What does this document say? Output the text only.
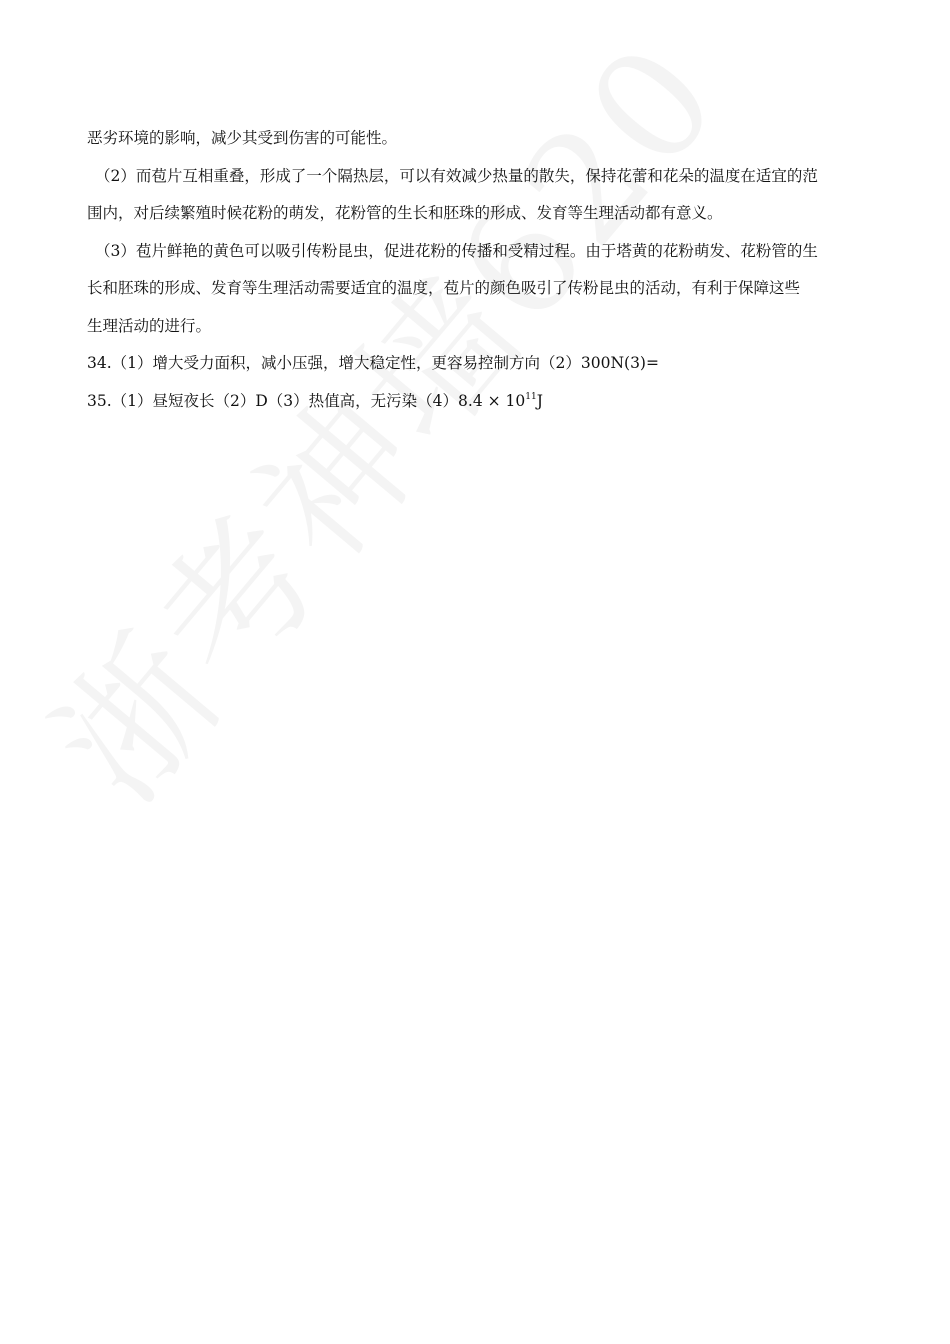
恶劣环境的影响，减少其受到伤害的可能性。
（2）而苞片互相重叠，形成了一个隔热层，可以有效减少热量的散失，保持花蕾和花朵的温度在适宜的范
围内，对后续繁殖时候花粉的萌发，花粉管的生长和胚珠的形成、发育等生理活动都有意义。
（3）苞片鲜艳的黄色可以吸引传粉昆虫，促进花粉的传播和受精过程。由于塔黄的花粉萌发、花粉管的生
长和胚珠的形成、发育等生理活动需要适宜的温度，苞片的颜色吸引了传粉昆虫的活动，有利于保障这些
生理活动的进行。
34.（1）增大受力面积，减小压强，增大稳定性，更容易控制方向（2）300N(3)=
35.（1）昼短夜长（2）D（3）热值高，无污染$(4)8.4 \times 10^{11}J$
